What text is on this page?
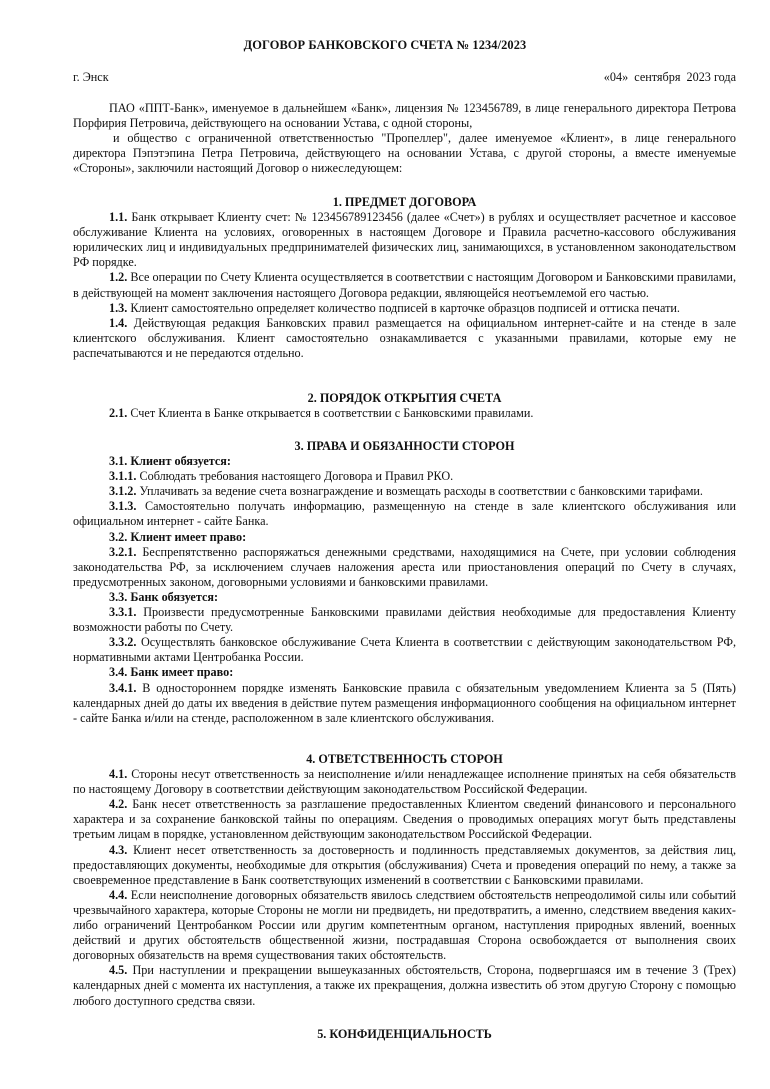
ДОГОВОР БАНКОВСКОГО СЧЕТА № 1234/2023
г. Энск	«04»  сентября  2023 года

ПАО «ППТ-Банк», именуемое в дальнейшем «Банк», лицензия № 123456789, в лице генерального директора Петрова Порфирия Петровича, действующего на основании Устава, с одной стороны,

и общество с ограниченной ответственностью "Пропеллер", далее именуемое «Клиент», в лице генерального директора Пэпэтэпина Петра Петровича, действующего на основании Устава, с другой стороны, а вместе именуемые «Стороны», заключили настоящий Договор о нижеследующем:

1. ПРЕДМЕТ ДОГОВОРА

1.1. Банк открывает Клиенту счет: № 123456789123456 (далее «Счет») в рублях и осуществляет расчетное и кассовое обслуживание Клиента на условиях, оговоренных в настоящем Договоре и Правила расчетно-кассового обслуживания юрилических лиц и индивидуальных предпринимателей физических лиц, занимающихся, в установленном законодательством РФ порядке.

1.2. Все операции по Счету Клиента осуществляется в соответствии с настоящим Договором и Банковскими правилами, в действующей на момент заключения настоящего Договора редакции, являющейся неотъемлемой его частью.

1.3. Клиент самостоятельно определяет количество подписей в карточке образцов подписей и оттиска печати.

1.4. Действующая редакция Банковских правил размещается на официальном интернет-сайте и на стенде в зале клиентского обслуживания. Клиент самостоятельно ознакамливается с указанными правилами, которые ему не распечатываются и не передаются отдельно.

2. ПОРЯДОК ОТКРЫТИЯ СЧЕТА

2.1. Счет Клиента в Банке открывается в соответствии с Банковскими правилами.

3. ПРАВА И ОБЯЗАННОСТИ СТОРОН

3.1. Клиент обязуется:

3.1.1. Соблюдать требования настоящего Договора и Правил РКО.

3.1.2. Уплачивать за ведение счета вознаграждение и возмещать расходы в соответствии с банковскими тарифами.

3.1.3. Самостоятельно получать информацию, размещенную на стенде в зале клиентского обслуживания или официальном интернет - сайте Банка.

3.2. Клиент имеет право:

3.2.1. Беспрепятственно распоряжаться денежными средствами, находящимися на Счете, при условии соблюдения законодательства РФ, за исключением случаев наложения ареста или приостановления операций по Счету в случаях, предусмотренных законом, договорными условиями и банковскими правилами.

3.3. Банк обязуется:

3.3.1. Произвести предусмотренные Банковскими правилами действия необходимые для предоставления Клиенту возможности работы по Счету.

3.3.2. Осуществлять банковское обслуживание Счета Клиента в соответствии с действующим законодательством РФ, нормативными актами Центробанка России.

3.4. Банк имеет право:

3.4.1. В одностороннем порядке изменять Банковские правила с обязательным уведомлением Клиента за 5 (Пять) календарных дней до даты их введения в действие путем размещения информационного сообщения на официальном интернет - сайте Банка и/или на стенде, расположенном в зале клиентского обслуживания.

4. ОТВЕТСТВЕННОСТЬ СТОРОН

4.1. Стороны несут ответственность за неисполнение и/или ненадлежащее исполнение принятых на себя обязательств по настоящему Договору в соответствии действующим законодательством Российской Федерации.

4.2. Банк несет ответственность за разглашение предоставленных Клиентом сведений финансового и персонального характера и за сохранение банковской тайны по операциям. Сведения о проводимых операциях могут быть представлены третьим лицам в порядке, установленном действующим законодательством Российской Федерации.

4.3. Клиент несет ответственность за достоверность и подлинность представляемых документов, за действия лиц, предоставляющих документы, необходимые для открытия (обслуживания) Счета и проведения операций по нему, а также за своевременное представление в Банк соответствующих изменений в соответствии с Банковскими правилами.

4.4. Если неисполнение договорных обязательств явилось следствием обстоятельств непреодолимой силы или событий чрезвычайного характера, которые Стороны не могли ни предвидеть, ни предотвратить, а именно, следствием введения каких-либо ограничений Центробанком России или другим компетентным органом, наступления природных явлений, военных действий и других обстоятельств общественной жизни, пострадавшая Сторона освобождается от выполнения своих договорных обязательств на время существования таких обстоятельств.

4.5. При наступлении и прекращении вышеуказанных обстоятельств, Сторона, подвергшаяся им в течение 3 (Трех) календарных дней с момента их наступления, а также их прекращения, должна известить об этом другую Сторону с помощью любого доступного средства связи.

5. КОНФИДЕНЦИАЛЬНОСТЬ
